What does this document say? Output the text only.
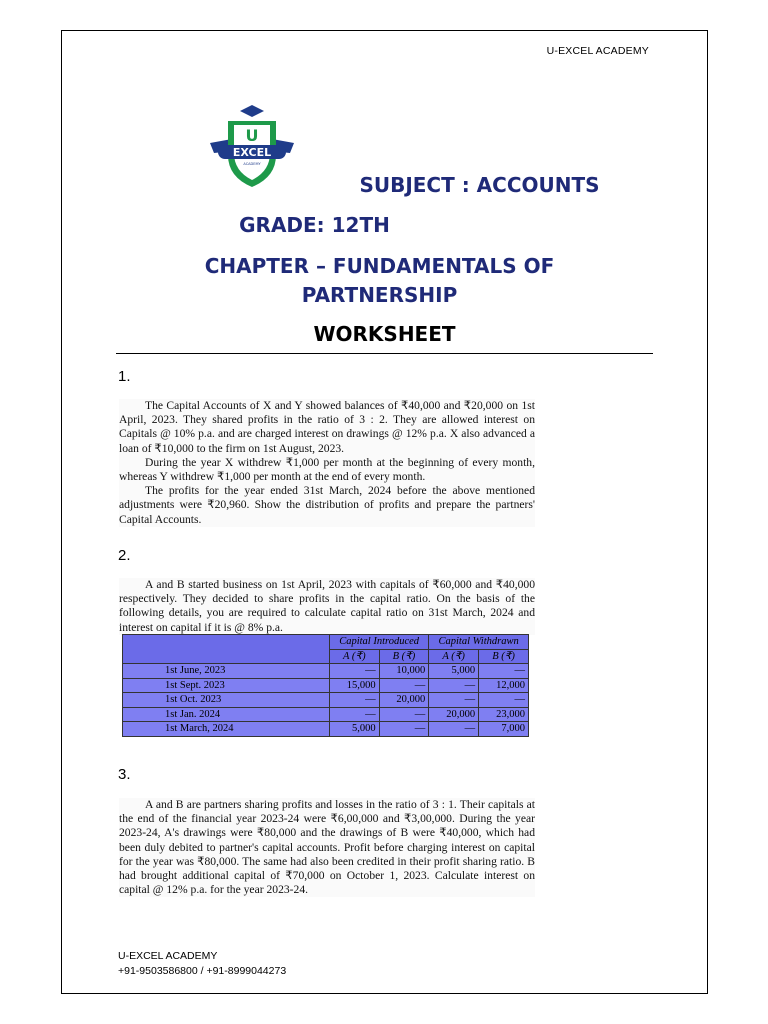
U-EXCEL ACADEMY
U
EXCEL
ACADEMY
SUBJECT : ACCOUNTS
GRADE: 12TH
CHAPTER – FUNDAMENTALS OF
PARTNERSHIP
WORKSHEET
1.

The Capital Accounts of X and Y showed balances of ₹40,000 and ₹20,000 on 1st April, 2023. They shared profits in the ratio of 3 : 2. They are allowed interest on Capitals @ 10% p.a. and are charged interest on drawings @ 12% p.a. X also advanced a loan of ₹10,000 to the firm on 1st August, 2023.

During the year X withdrew ₹1,000 per month at the beginning of every month, whereas Y withdrew ₹1,000 per month at the end of every month.

The profits for the year ended 31st March, 2024 before the above mentioned adjustments were ₹20,960. Show the distribution of profits and prepare the partners' Capital Accounts.

2.

A and B started business on 1st April, 2023 with capitals of ₹60,000 and ₹40,000 respectively. They decided to share profits in the capital ratio. On the basis of the following details, you are required to calculate capital ratio on 31st March, 2024 and interest on capital if it is @ 8% p.a.

	Capital Introduced		Capital Withdrawn	
	A (₹)	B (₹)	A (₹)	B (₹)
1st June, 2023	—	10,000	5,000	—
1st Sept. 2023	15,000	—	—	12,000
1st Oct. 2023	—	20,000	—	—
1st Jan. 2024	—	—	20,000	23,000
1st March, 2024	5,000	—	—	7,000
3.

A and B are partners sharing profits and losses in the ratio of 3 : 1. Their capitals at the end of the financial year 2023-24 were ₹6,00,000 and ₹3,00,000. During the year 2023-24, A's drawings were ₹80,000 and the drawings of B were ₹40,000, which had been duly debited to partner's capital accounts. Profit before charging interest on capital for the year was ₹80,000. The same had also been credited in their profit sharing ratio. B had brought additional capital of ₹70,000 on October 1, 2023. Calculate interest on capital @ 12% p.a. for the year 2023-24.

U-EXCEL ACADEMY
+91-9503586800 / +91-8999044273
